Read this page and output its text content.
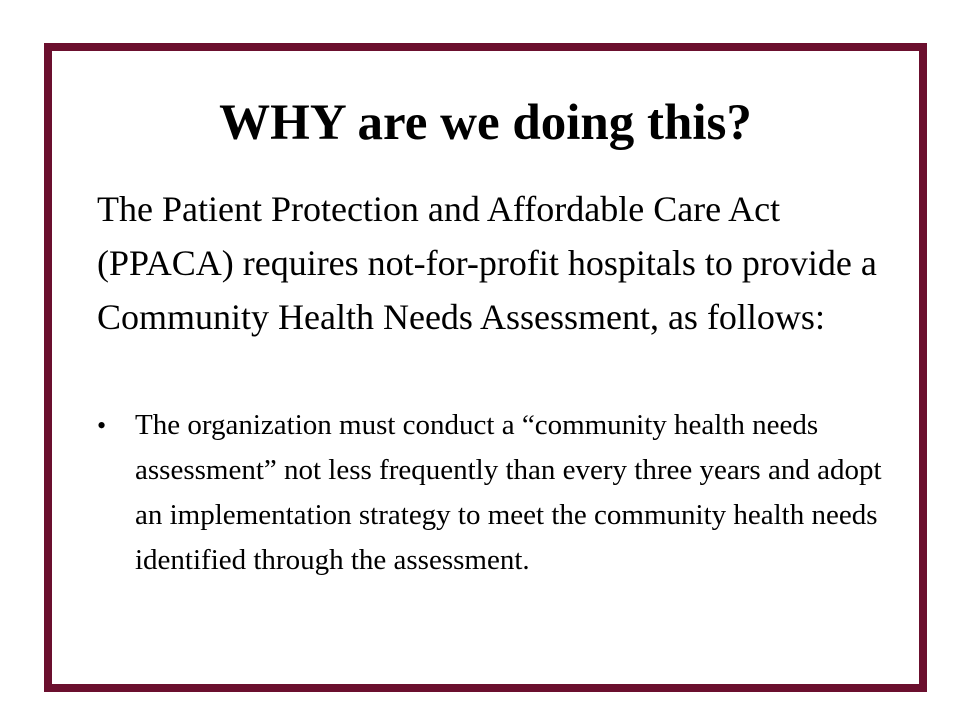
WHY are we doing this?

The Patient Protection and Affordable Care Act (PPACA) requires not-for-profit hospitals to provide a Community Health Needs Assessment, as follows:

• The organization must conduct a “community health needs assessment” not less frequently than every three years and adopt an implementation strategy to meet the community health needs identified through the assessment.
